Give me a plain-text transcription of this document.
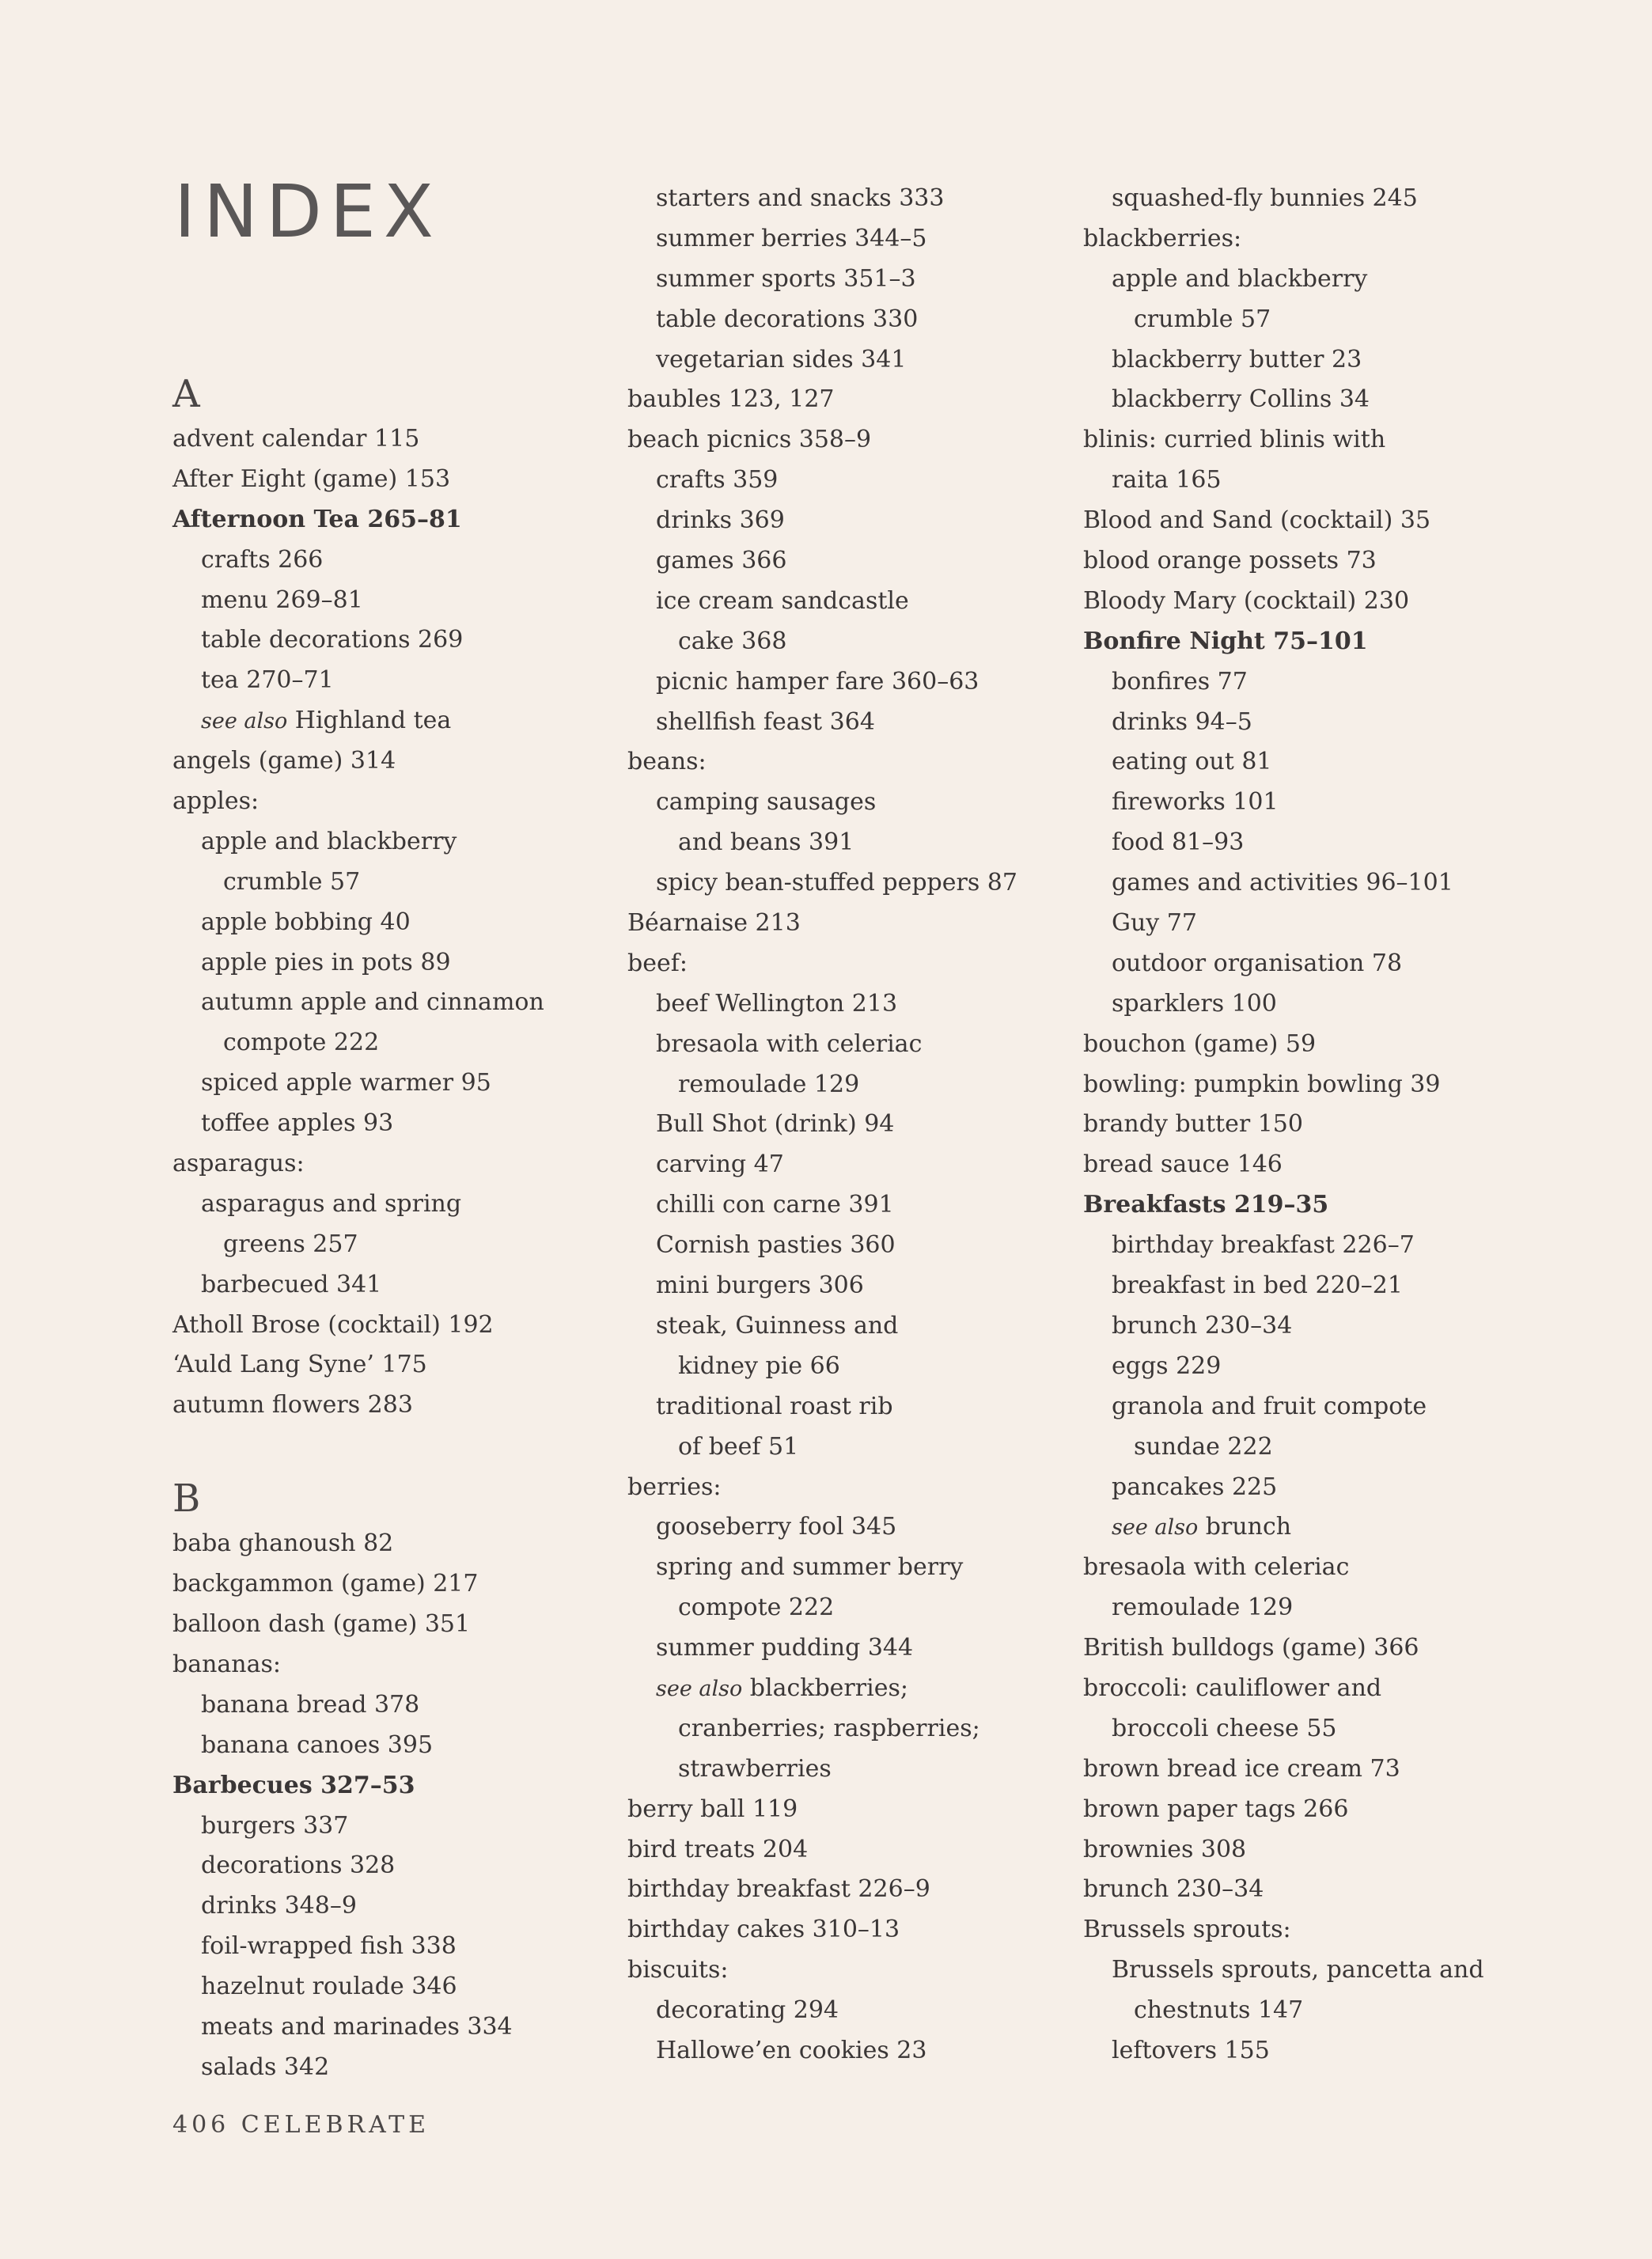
INDEX
A
advent calendar 115
After Eight (game) 153
Afternoon Tea 265–81
crafts 266
menu 269–81
table decorations 269
tea 270–71
see also Highland tea
angels (game) 314
apples:
apple and blackberry
crumble 57
apple bobbing 40
apple pies in pots 89
autumn apple and cinnamon
compote 222
spiced apple warmer 95
toffee apples 93
asparagus:
asparagus and spring
greens 257
barbecued 341
Atholl Brose (cocktail) 192
‘Auld Lang Syne’ 175
autumn flowers 283
B
baba ghanoush 82
backgammon (game) 217
balloon dash (game) 351
bananas:
banana bread 378
banana canoes 395
Barbecues 327–53
burgers 337
decorations 328
drinks 348–9
foil-wrapped fish 338
hazelnut roulade 346
meats and marinades 334
salads 342
starters and snacks 333
summer berries 344–5
summer sports 351–3
table decorations 330
vegetarian sides 341
baubles 123, 127
beach picnics 358–9
crafts 359
drinks 369
games 366
ice cream sandcastle
cake 368
picnic hamper fare 360–63
shellfish feast 364
beans:
camping sausages
and beans 391
spicy bean-stuffed peppers 87
Béarnaise 213
beef:
beef Wellington 213
bresaola with celeriac
remoulade 129
Bull Shot (drink) 94
carving 47
chilli con carne 391
Cornish pasties 360
mini burgers 306
steak, Guinness and
kidney pie 66
traditional roast rib
of beef 51
berries:
gooseberry fool 345
spring and summer berry
compote 222
summer pudding 344
see also blackberries;
cranberries; raspberries;
strawberries
berry ball 119
bird treats 204
birthday breakfast 226–9
birthday cakes 310–13
biscuits:
decorating 294
Hallowe’en cookies 23
squashed-fly bunnies 245
blackberries:
apple and blackberry
crumble 57
blackberry butter 23
blackberry Collins 34
blinis: curried blinis with
raita 165
Blood and Sand (cocktail) 35
blood orange possets 73
Bloody Mary (cocktail) 230
Bonfire Night 75–101
bonfires 77
drinks 94–5
eating out 81
fireworks 101
food 81–93
games and activities 96–101
Guy 77
outdoor organisation 78
sparklers 100
bouchon (game) 59
bowling: pumpkin bowling 39
brandy butter 150
bread sauce 146
Breakfasts 219–35
birthday breakfast 226–7
breakfast in bed 220–21
brunch 230–34
eggs 229
granola and fruit compote
sundae 222
pancakes 225
see also brunch
bresaola with celeriac
remoulade 129
British bulldogs (game) 366
broccoli: cauliflower and
broccoli cheese 55
brown bread ice cream 73
brown paper tags 266
brownies 308
brunch 230–34
Brussels sprouts:
Brussels sprouts, pancetta and
chestnuts 147
leftovers 155
406 CELEBRATE
